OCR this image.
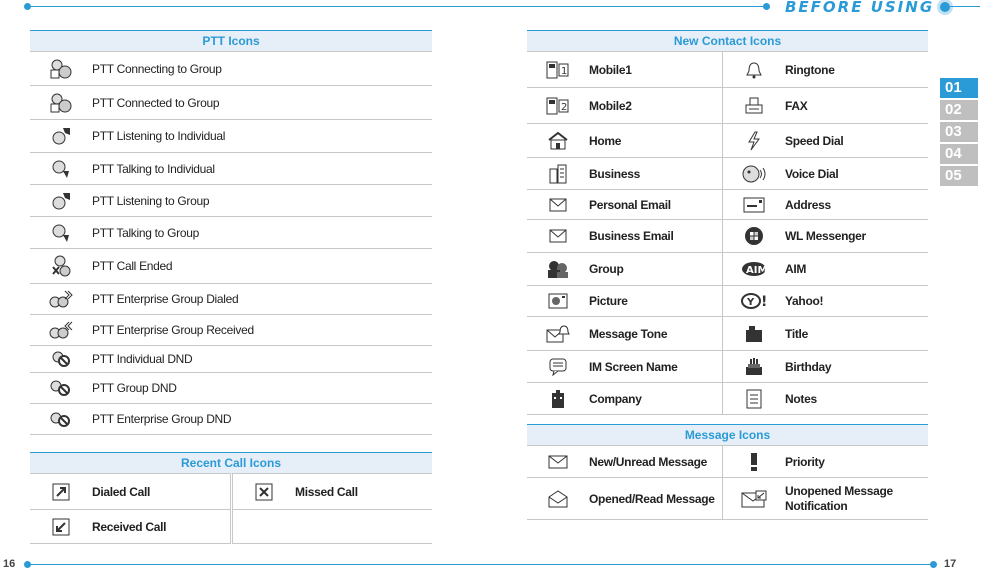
BEFORE USING
16	17
01
02
03
04
05
PTT Icons	
	PTT Connecting to Group
	PTT Connected to Group
	PTT Listening to Individual
	PTT Talking to Individual
	PTT Listening to Group
	PTT Talking to Group
	PTT Call Ended
	PTT Enterprise Group Dialed
	PTT Enterprise Group Received
	PTT Individual DND
	PTT Group DND
	PTT Enterprise Group DND
Recent Call Icons			
	Dialed Call		Missed Call
	Received Call		
New Contact Icons			

1	Mobile1		Ringtone

2	Mobile2		FAX
	Home		Speed Dial
	Business		Voice Dial
	Personal Email		Address
	Business Email		WL Messenger
	Group	AIM	AIM
	Picture	Y !	Yahoo!
	Message Tone		Title
	IM Screen Name		Birthday
	Company		Notes
Message Icons			
	New/Unread Message		Priority
	Opened/Read Message		Unopened Message Notification
